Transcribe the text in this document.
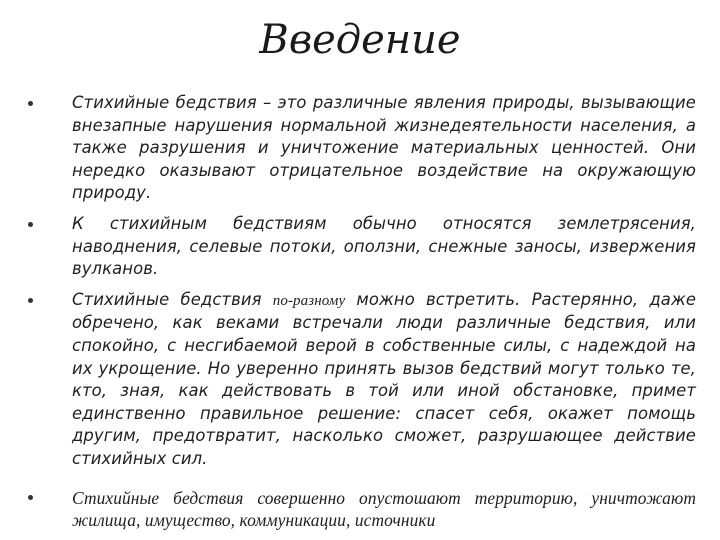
Введение
Стихийные бедствия – это различные явления природы, вызывающие внезапные нарушения нормальной жизнедеятельности населения, а также разрушения и уничтожение материальных ценностей. Они нередко оказывают отрицательное воздействие на окружающую природу.
К стихийным бедствиям обычно относятся землетрясения, наводнения, селевые потоки, оползни, снежные заносы, извержения вулканов.
Стихийные бедствия по-разному можно встретить. Растерянно, даже обречено, как веками встречали люди различные бедствия, или спокойно, с несгибаемой верой в собственные силы, с надеждой на их укрощение. Но уверенно принять вызов бедствий могут только те, кто, зная, как действовать в той или иной обстановке, примет единственно правильное решение: спасет себя, окажет помощь другим, предотвратит, насколько сможет, разрушающее действие стихийных сил.
Стихийные бедствия совершенно опустошают территорию, уничтожают жилища, имущество, коммуникации, источники
